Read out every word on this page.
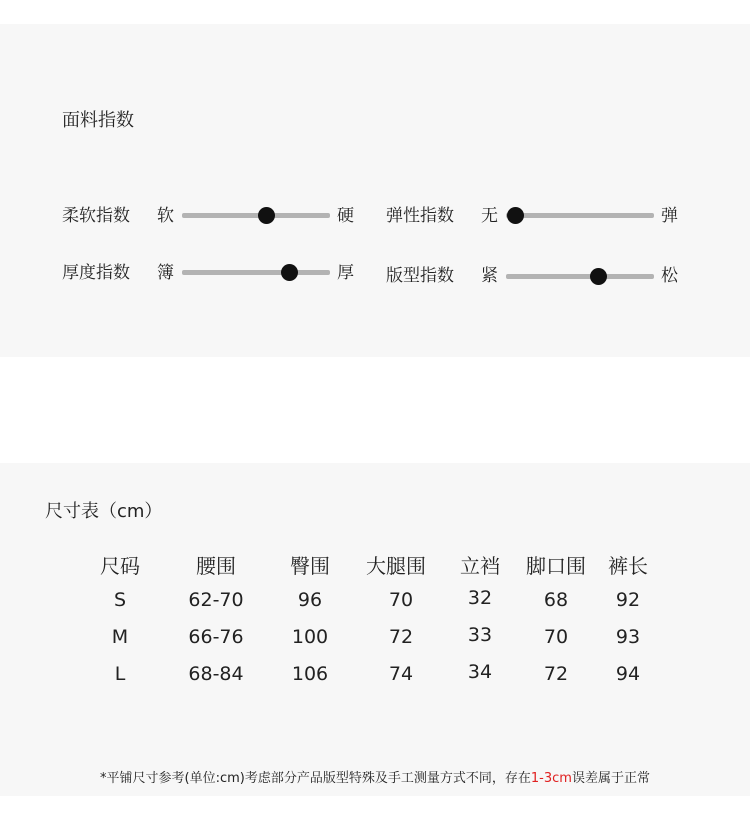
面料指数
柔软指数 软	硬 弹性指数 无	弹
厚度指数 簿	厚 版型指数 紧	松
尺寸表（cm）
尺码	腰围	臀围	大腿围	立裆	脚口围	裤长
S	62-70	96	70	32	68	92
M	66-76	100	72	33	70	93
L	68-84	106	74	34	72	94
*平铺尺寸参考(单位:cm)考虑部分产品版型特殊及手工测量方式不同，存在1-3cm误差属于正常
